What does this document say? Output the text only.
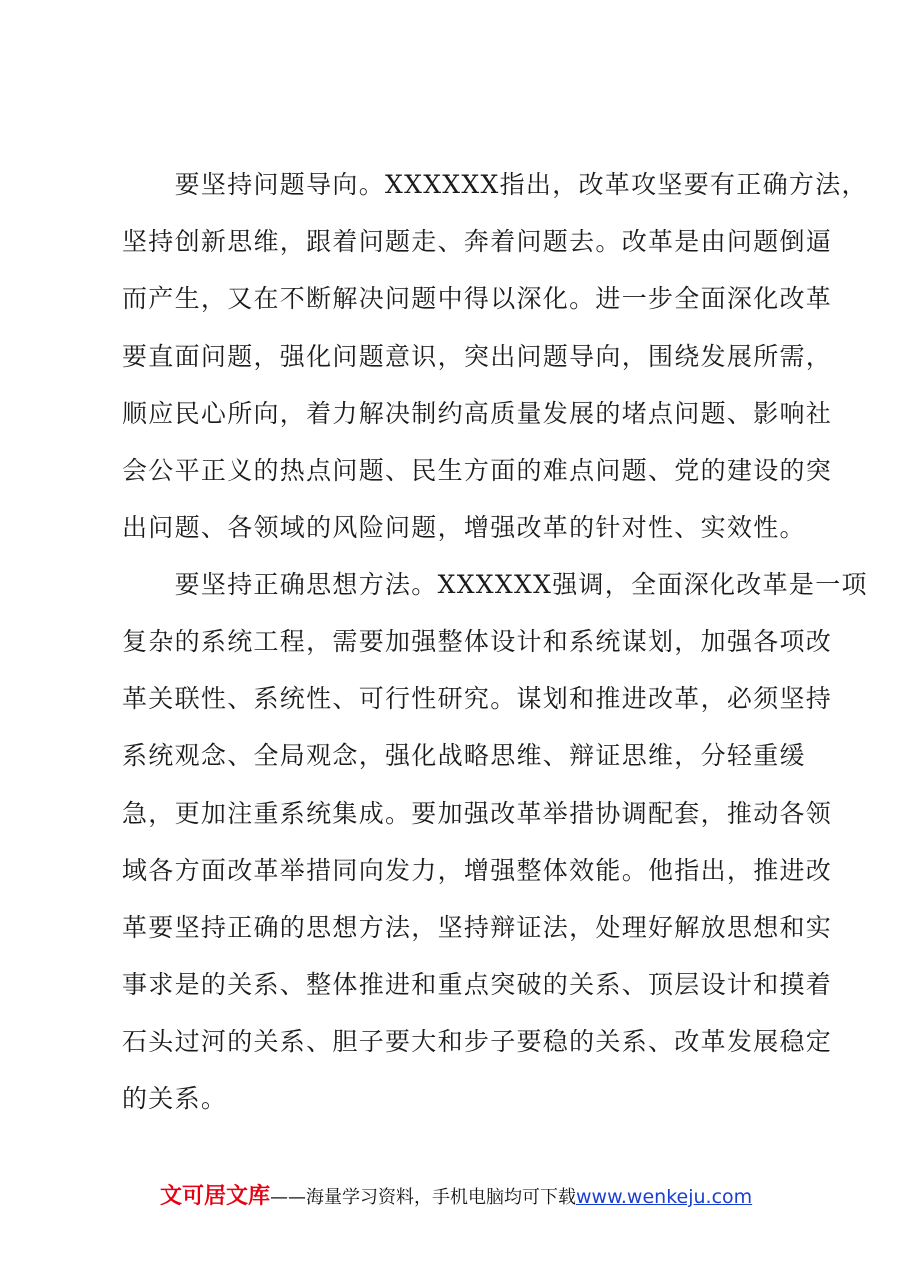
　　要坚持问题导向。XXXXXX指出，改革攻坚要有正确方法，
坚持创新思维，跟着问题走、奔着问题去。改革是由问题倒逼
而产生，又在不断解决问题中得以深化。进一步全面深化改革
要直面问题，强化问题意识，突出问题导向，围绕发展所需，
顺应民心所向，着力解决制约高质量发展的堵点问题、影响社
会公平正义的热点问题、民生方面的难点问题、党的建设的突
出问题、各领域的风险问题，增强改革的针对性、实效性。
　　要坚持正确思想方法。XXXXXX强调，全面深化改革是一项
复杂的系统工程，需要加强整体设计和系统谋划，加强各项改
革关联性、系统性、可行性研究。谋划和推进改革，必须坚持
系统观念、全局观念，强化战略思维、辩证思维，分轻重缓
急，更加注重系统集成。要加强改革举措协调配套，推动各领
域各方面改革举措同向发力，增强整体效能。他指出，推进改
革要坚持正确的思想方法，坚持辩证法，处理好解放思想和实
事求是的关系、整体推进和重点突破的关系、顶层设计和摸着
石头过河的关系、胆子要大和步子要稳的关系、改革发展稳定
的关系。
文可居文库——海量学习资料，手机电脑均可下载www.wenkeju.com
